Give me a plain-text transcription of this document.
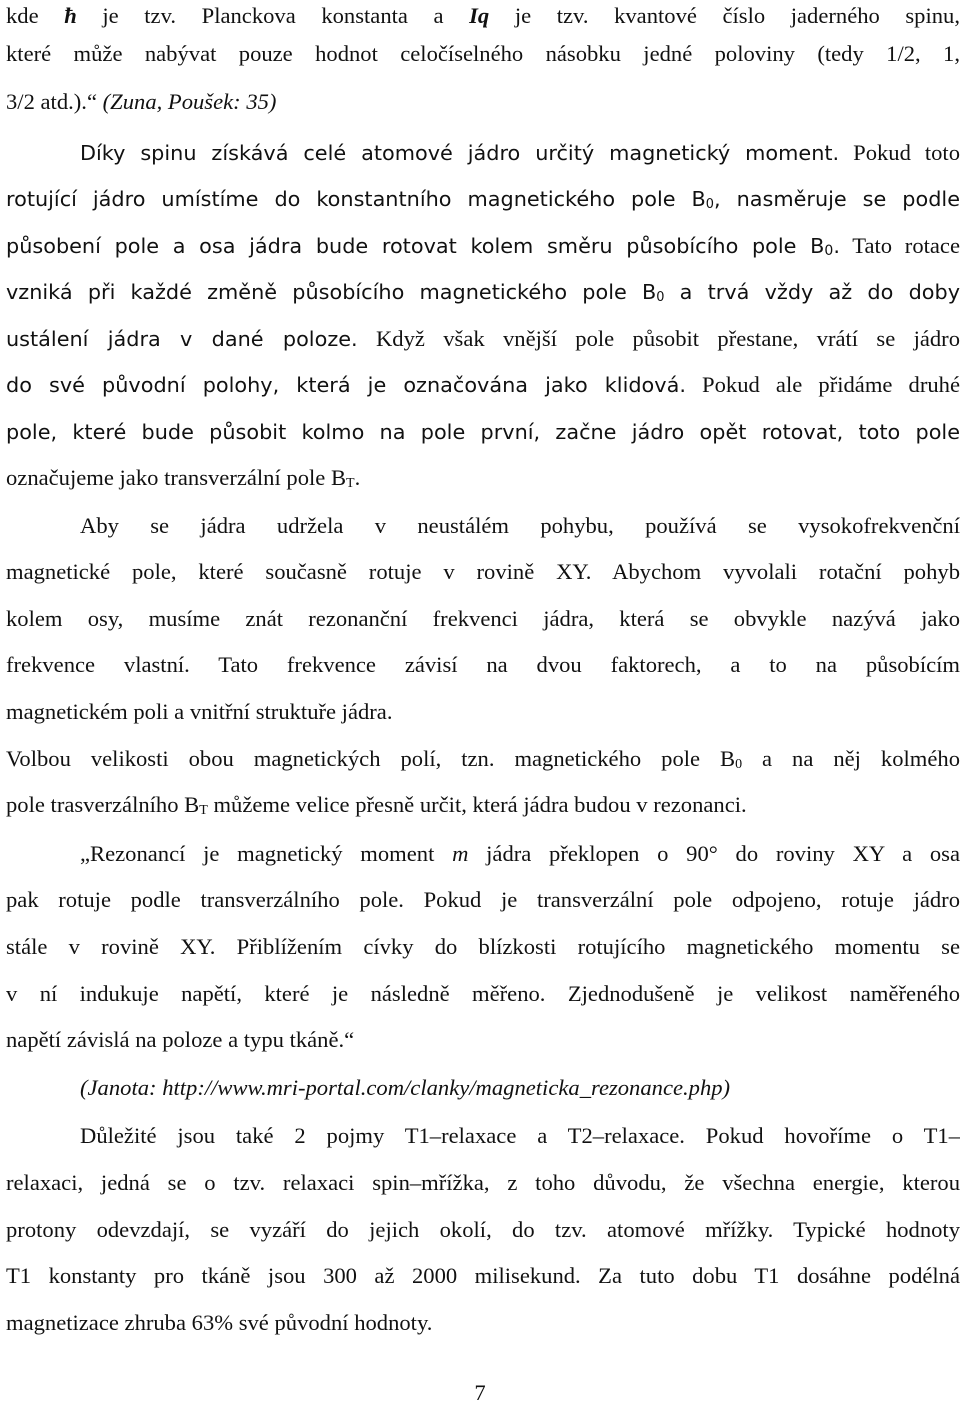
kde ħ je tzv. Planckova konstanta a Iq je tzv. kvantové číslo jaderného spinu,
které může nabývat pouze hodnot celočíselného násobku jedné poloviny (tedy 1/2, 1,
3/2 atd.).“ (Zuna, Poušek: 35)
Díky spinu získává celé atomové jádro určitý magnetický moment. Pokud toto
rotující jádro umístíme do konstantního magnetického pole B0, nasměruje se podle
působení pole a osa jádra bude rotovat kolem směru působícího pole B0. Tato rotace
vzniká při každé změně působícího magnetického pole B0 a trvá vždy až do doby
ustálení jádra v dané poloze. Když však vnější pole působit přestane, vrátí se jádro
do své původní polohy, která je označována jako klidová. Pokud ale přidáme druhé
pole, které bude působit kolmo na pole první, začne jádro opět rotovat, toto pole
označujeme jako transverzální pole BT.
Aby se jádra udržela v neustálém pohybu, používá se vysokofrekvenční
magnetické pole, které současně rotuje v rovině XY. Abychom vyvolali rotační pohyb
kolem osy, musíme znát rezonanční frekvenci jádra, která se obvykle nazývá jako
frekvence vlastní. Tato frekvence závisí na dvou faktorech, a to na působícím
magnetickém poli a vnitřní struktuře jádra.
Volbou velikosti obou magnetických polí, tzn. magnetického pole B0 a na něj kolmého
pole trasverzálního BT můžeme velice přesně určit, která jádra budou v rezonanci.
„Rezonancí je magnetický moment m jádra překlopen o 90° do roviny XY a osa
pak rotuje podle transverzálního pole. Pokud je transverzální pole odpojeno, rotuje jádro
stále v rovině XY. Přiblížením cívky do blízkosti rotujícího magnetického momentu se
v ní indukuje napětí, které je následně měřeno. Zjednodušeně je velikost naměřeného
napětí závislá na poloze a typu tkáně.“
(Janota: http://www.mri-portal.com/clanky/magneticka_rezonance.php)
Důležité jsou také 2 pojmy T1–relaxace a T2–relaxace. Pokud hovoříme o T1–
relaxaci, jedná se o tzv. relaxaci spin–mřížka, z toho důvodu, že všechna energie, kterou
protony odevzdají, se vyzáří do jejich okolí, do tzv. atomové mřížky. Typické hodnoty
T1 konstanty pro tkáně jsou 300 až 2000 milisekund. Za tuto dobu T1 dosáhne podélná
magnetizace zhruba 63% své původní hodnoty.
7
